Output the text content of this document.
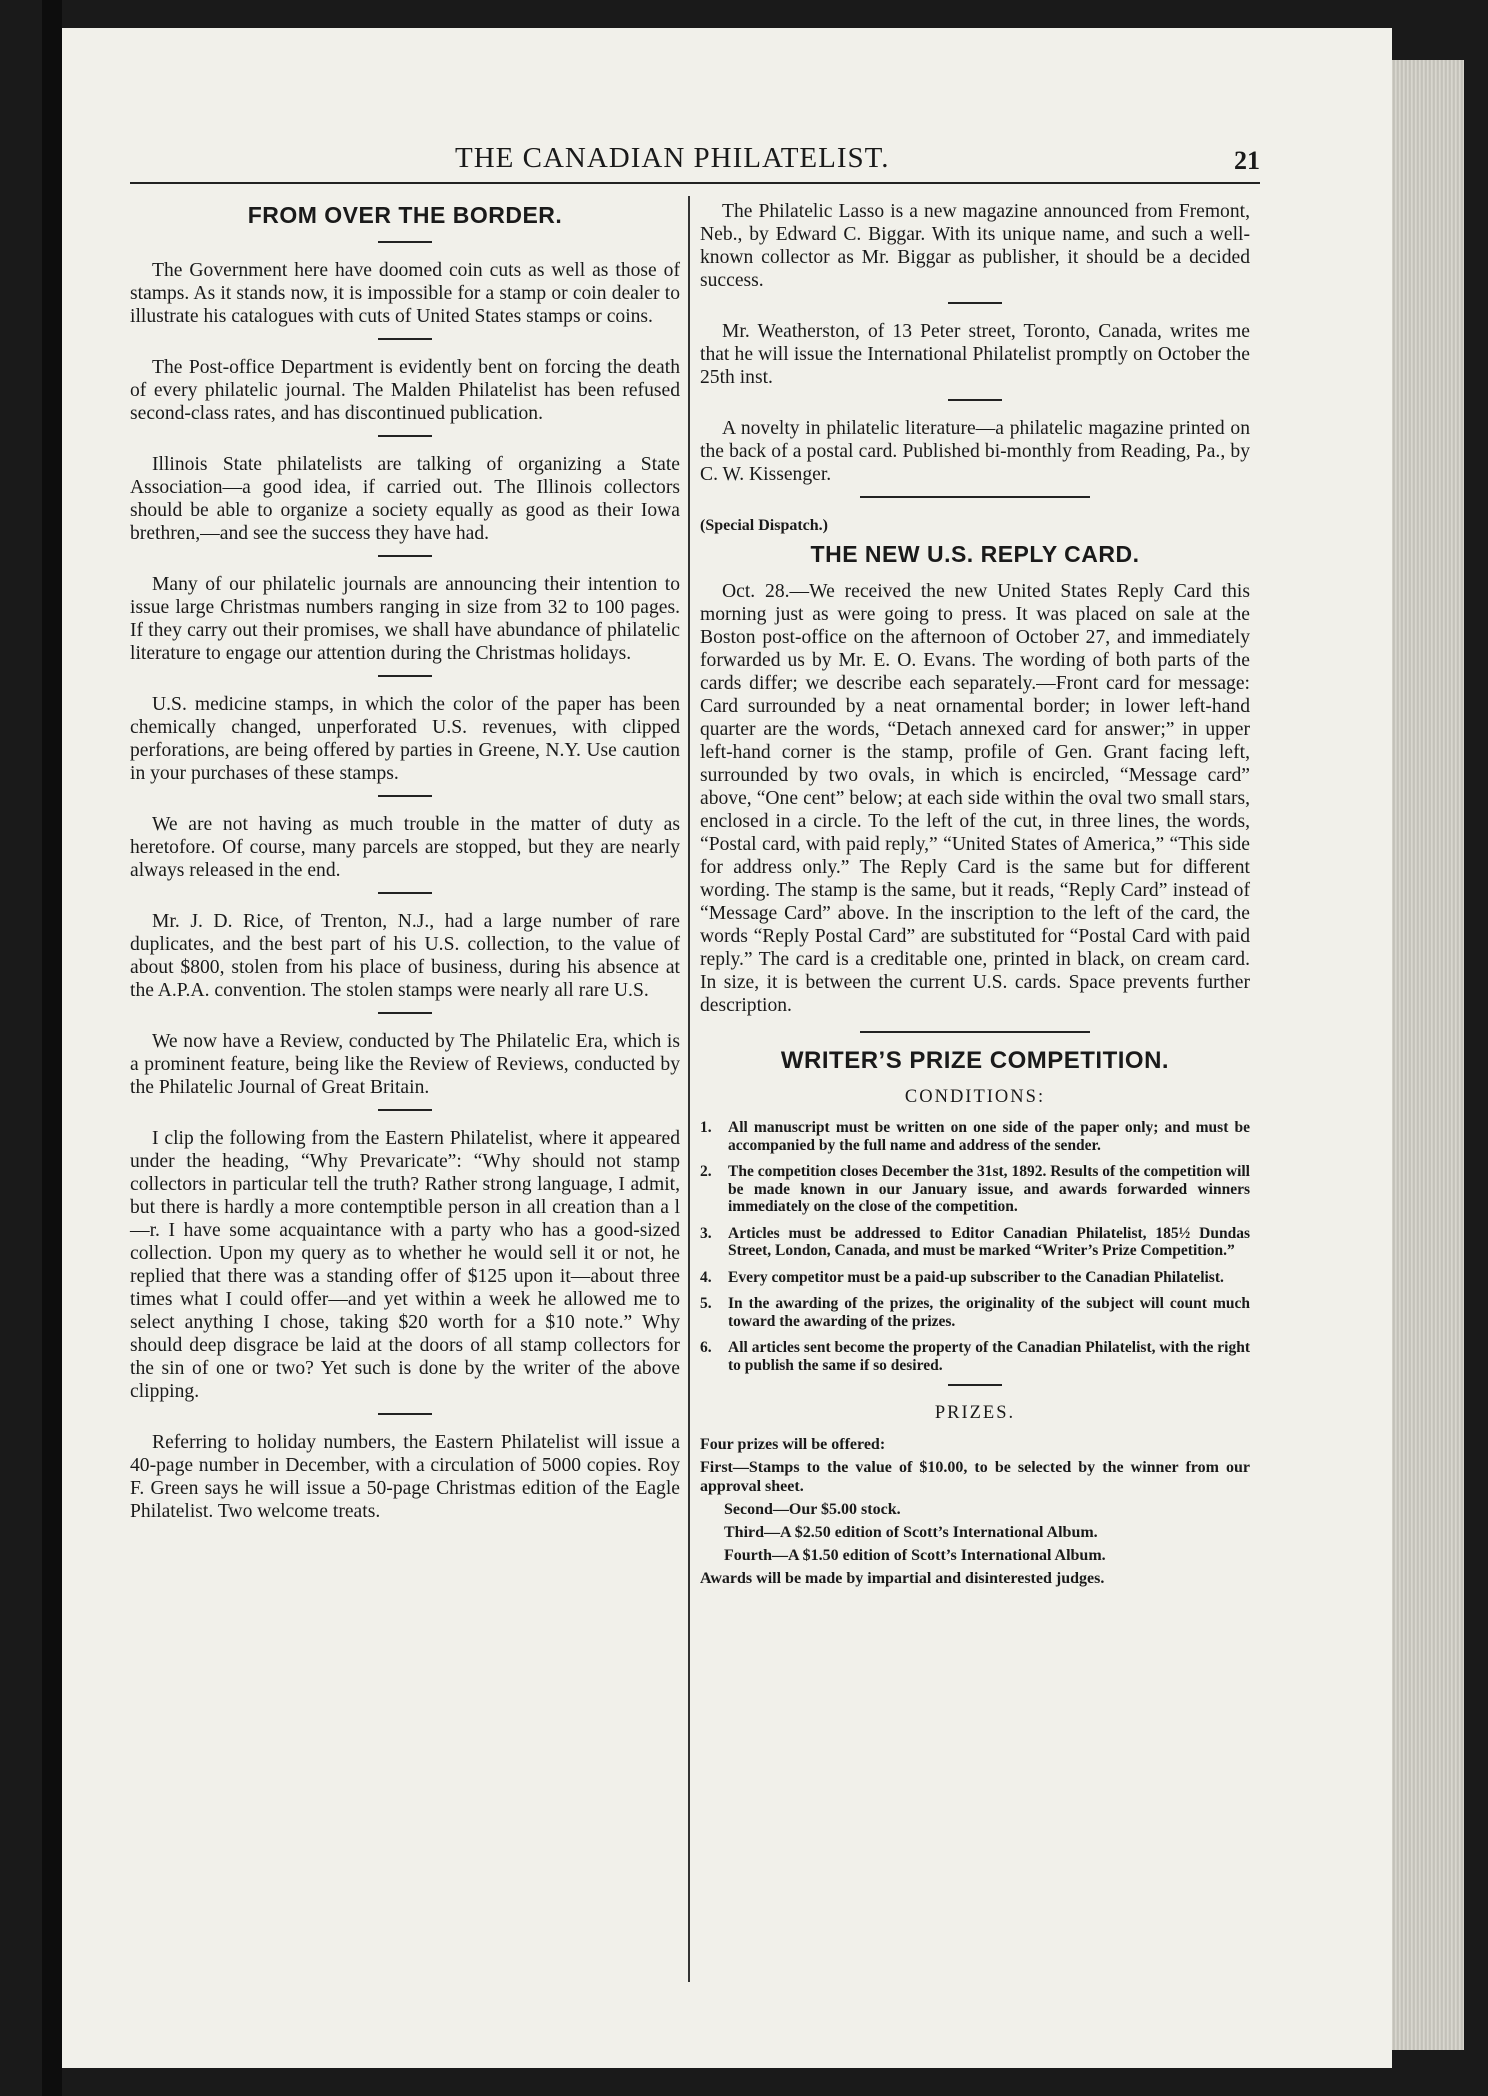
THE CANADIAN PHILATELIST.	21
FROM OVER THE BORDER.

The Government here have doomed coin cuts as well as those of stamps. As it stands now, it is impossible for a stamp or coin dealer to illustrate his catalogues with cuts of United States stamps or coins.

The Post-office Department is evidently bent on forcing the death of every philatelic journal. The Malden Philatelist has been refused second-class rates, and has discontinued publication.

Illinois State philatelists are talking of organizing a State Association—a good idea, if carried out. The Illinois collectors should be able to organize a society equally as good as their Iowa brethren,—and see the success they have had.

Many of our philatelic journals are announcing their intention to issue large Christmas numbers ranging in size from 32 to 100 pages. If they carry out their promises, we shall have abundance of philatelic literature to engage our attention during the Christmas holidays.

U.S. medicine stamps, in which the color of the paper has been chemically changed, unperforated U.S. revenues, with clipped perforations, are being offered by parties in Greene, N.Y. Use caution in your purchases of these stamps.

We are not having as much trouble in the matter of duty as heretofore. Of course, many parcels are stopped, but they are nearly always released in the end.

Mr. J. D. Rice, of Trenton, N.J., had a large number of rare duplicates, and the best part of his U.S. collection, to the value of about $800, stolen from his place of business, during his absence at the A.P.A. convention. The stolen stamps were nearly all rare U.S.

We now have a Review, conducted by The Philatelic Era, which is a prominent feature, being like the Review of Reviews, conducted by the Philatelic Journal of Great Britain.

I clip the following from the Eastern Philatelist, where it appeared under the heading, “Why Prevaricate”: “Why should not stamp collectors in particular tell the truth? Rather strong language, I admit, but there is hardly a more contemptible person in all creation than a l—r. I have some acquaintance with a party who has a good-sized collection. Upon my query as to whether he would sell it or not, he replied that there was a standing offer of $125 upon it—about three times what I could offer—and yet within a week he allowed me to select anything I chose, taking $20 worth for a $10 note.” Why should deep disgrace be laid at the doors of all stamp collectors for the sin of one or two? Yet such is done by the writer of the above clipping.

Referring to holiday numbers, the Eastern Philatelist will issue a 40-page number in December, with a circulation of 5000 copies. Roy F. Green says he will issue a 50-page Christmas edition of the Eagle Philatelist. Two welcome treats.

The Philatelic Lasso is a new magazine announced from Fremont, Neb., by Edward C. Biggar. With its unique name, and such a well-known collector as Mr. Biggar as publisher, it should be a decided success.

Mr. Weatherston, of 13 Peter street, Toronto, Canada, writes me that he will issue the International Philatelist promptly on October the 25th inst.

A novelty in philatelic literature—a philatelic magazine printed on the back of a postal card. Published bi-monthly from Reading, Pa., by C. W. Kissenger.

(Special Dispatch.)

THE NEW U.S. REPLY CARD.

Oct. 28.—We received the new United States Reply Card this morning just as were going to press. It was placed on sale at the Boston post-office on the afternoon of October 27, and immediately forwarded us by Mr. E. O. Evans. The wording of both parts of the cards differ; we describe each separately.—Front card for message: Card surrounded by a neat ornamental border; in lower left-hand quarter are the words, “Detach annexed card for answer;” in upper left-hand corner is the stamp, profile of Gen. Grant facing left, surrounded by two ovals, in which is encircled, “Message card” above, “One cent” below; at each side within the oval two small stars, enclosed in a circle. To the left of the cut, in three lines, the words, “Postal card, with paid reply,” “United States of America,” “This side for address only.” The Reply Card is the same but for different wording. The stamp is the same, but it reads, “Reply Card” instead of “Message Card” above. In the inscription to the left of the card, the words “Reply Postal Card” are substituted for “Postal Card with paid reply.” The card is a creditable one, printed in black, on cream card. In size, it is between the current U.S. cards. Space prevents further description.

WRITER’S PRIZE COMPETITION.
CONDITIONS:
1.	All manuscript must be written on one side of the paper only; and must be accompanied by the full name and address of the sender.
2.	The competition closes December the 31st, 1892. Results of the competition will be made known in our January issue, and awards forwarded winners immediately on the close of the competition.
3.	Articles must be addressed to Editor Canadian Philatelist, 185½ Dundas Street, London, Canada, and must be marked “Writer’s Prize Competition.”
4.	Every competitor must be a paid-up subscriber to the Canadian Philatelist.
5.	In the awarding of the prizes, the originality of the subject will count much toward the awarding of the prizes.
6.	All articles sent become the property of the Canadian Philatelist, with the right to publish the same if so desired.
PRIZES.

Four prizes will be offered:

First—Stamps to the value of $10.00, to be selected by the winner from our approval sheet.

Second—Our $5.00 stock.

Third—A $2.50 edition of Scott’s International Album.

Fourth—A $1.50 edition of Scott’s International Album.

Awards will be made by impartial and disinterested judges.
